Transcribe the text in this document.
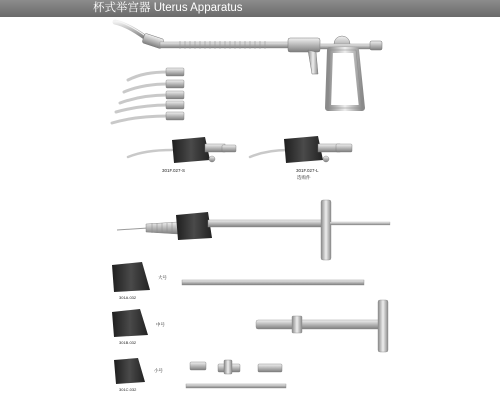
杯式举宫器 Uterus Apparatus
301F.027-S	301F.027-L
选购件
大号
301A.032
中号
301B.032
小号
301C.032
